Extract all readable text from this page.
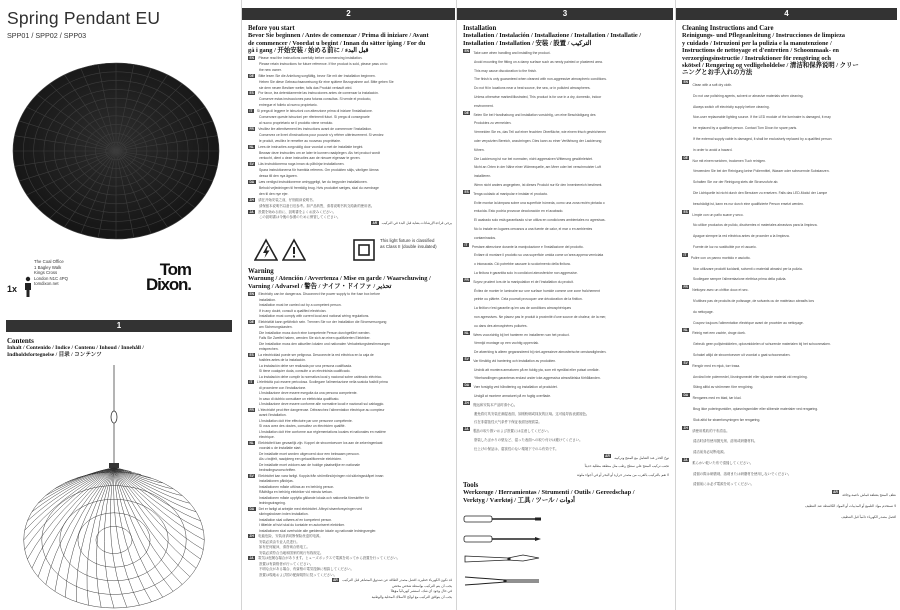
Spring Pendant EU
SPP01 / SPP02 / SPP03
1x
The Coal Office
1 Bagley Walk
Kings Cross
London N1C 4PQ
tomdixon.net
Tom
Dixon.
1
Contents
Inhalt / Contenido / Indice / Contenu / Inhoud / Innehåll /
Indholdsfortegnelse / 目录 / コンテンツ
2
Before you start
Bevor Sie beginnen / Antes de comenzar / Prima di iniziare / Avant
de commencer / Voordat u begint / Innan du sätter igång / For du
gå i gang / 开始安装 / 始める前に / قبل البدء
EN Please read the instructions carefully before commencing installation.
Please retain instructions for future reference. If the product is sold, please pass on to
the new owner.
DE Bitte lesen Sie die Anleitung sorgfältig, bevor Sie mit der Installation beginnen.
Heben Sie diese Gebrauchsanweisung für eine spätere Bezugnahme auf. Bitte geben Sie
sie dem neuen Besitzer weiter, falls das Produkt verkauft wird.
ES Por favor, lea detenidamente las instrucciones antes de comenzar la instalación.
Conserve estas instrucciones para futuras consultas. Si vende el producto,
entregue el folleto al nuevo propietario.
IT Si prega di leggere le istruzioni con attenzione prima di iniziare l'installazione.
Conservare queste istruzioni per riferimenti futuri. Si prega di consegnarle
al nuovo proprietario se il prodotto viene venduto.
FR Veuillez lire attentivement les instructions avant de commencer l'installation.
Conservez ce livret d'instructions pour pouvoir s'y référer ultérieurement. Si vendez
le produit, veuillez le remettre au nouveau propriétaire.
NL Lees de instructies zorgvuldig door voordat u met de installatie begint.
Bewaar deze instructies om ze later te kunnen raadplegen. Als het product wordt
verkocht, dient u deze instructies aan de nieuwe eigenaar te geven.
SV Läs instruktionerna noga innan du påbörjar installationen.
Spara instruktionerna för framtida referens. Om produkten säljs, vänligen lämna
dessa till den nya ägaren.
DA Læs venligst instruktionerne omhyggeligt, før du begynder installationen.
Behold vejledningen til fremtidig brug. Hvis produktet sælges, skal du overdrage
den til den nye ejer.
ZH 请在开始安装之前，仔细阅读说明书。
请保留本说明书以备日后参考。如产品转售，请将说明书转交给新的使用者。
JA 設置を始める前に、説明書をよくお読みください。
この説明書は今後の参照のために保管してください。
AR يرجى قراءة الإرشادات بعناية قبل البدء في التركيب
This light fixture is classified
as Class II (double insulated)
Warning
Warnung / Atención / Avvertenza / Mise en garde / Waarschuwing /
Varning / Advarsel / 警告 / ナイフ・ドイファ / تحذير
EN Electricity can be dangerous. Disconnect the power supply to the fuse box before
installation.
Installation must be carried out by a competent person.
If in any doubt, consult a qualified electrician.
Installation must comply with current local and national wiring regulations.
DE Elektrizität kann gefährlich sein. Trennen Sie vor der Installation die Stromversorgung
am Sicherungskasten.
Die Installation muss durch eine kompetente Person durchgeführt werden.
Falls Sie Zweifel haben, wenden Sie sich an einen qualifizierten Elektriker.
Die Installation muss den aktuellen lokalen und nationalen Verkabelungsbestimmungen
entsprechen.
ES La electricidad puede ser peligrosa. Desconecte la red eléctrica en la caja de
fusibles antes de la instalación.
La instalación debe ser realizada por una persona cualificada.
Si tiene cualquier duda, consulte a un electricista cualificado.
La instalación debe cumplir la normativa local y nacional sobre cableado eléctrico.
IT L'elettricità può essere pericolosa. Scollegare l'alimentazione nella scatola fusibili prima
di procedere con l'installazione.
L'installazione deve essere eseguita da una persona competente.
In caso di dubbio consultare un elettricista qualificato.
L'installazione deve essere conforme alle normative locali e nazionali sul cablaggio.
FR L'électricité peut être dangereuse. Débranchez l'alimentation électrique au compteur
avant l'installation.
L'installation doit être effectuée par une personne compétente.
Si vous avez des doutes, consultez un électricien qualifié.
L'installation doit être conforme aux réglementations locales et nationales en matière
électrique.
NL Elektriciteit kan gevaarlijk zijn. Koppel de stroomtoevoer los aan de zekeringenkast
voordat u de installatie start.
De installatie moet worden uitgevoerd door een bekwaam persoon.
Als u twijfelt, raadpleeg een gekwalificeerde elektricien.
De installatie moet voldoen aan de huidige plaatselijke en nationale
bedradingsvoorschriften.
SV Elektricitet kan vara farligt. Koppla från strömförsörjningen vid säkringsskåpet innan
installationen påbörjas.
Installationen måste utföras av en behörig person.
Rådfråga en behörig elektriker vid minsta tvekan.
Installationen måste uppfylla gällande lokala och nationella föreskrifter för
ledningsdragning.
DA Det er farligt at arbejde med elektricitet. Afbryd strømforsyningen ved
sikringsboksen inden installation.
Installation skal udføres af en kompetent person.
I tilfælde af tvivl skal du kontakte en autoriseret elektriker.
Installationen skal overholde alle gældende lokale og nationale ledningsregler.
ZH 电能危险，安装前请切断保险丝盒的电源。
安装必须由专业人员进行。
如有任何疑问，请咨询合格电工。
安装必须符合当地和国家的现行布线规定。
JA 電気は危険な場合があります。ヒューズボックスで電源を切ってから設置を行ってください。
設置は有資格者が行ってください。
不明な点がある場合、有資格の電気技師に相談してください。
設置は現地および国の配線規則に従ってください。
AR قد تكون الكهرباء خطيرة. افصل مصدر الطاقة عن صندوق المصاهر قبل التركيب
يجب أن يتم التركيب بواسطة شخص مختص
في حال وجود أي شك، استشر كهربائياً مؤهلاً
يجب أن يتوافق التركيب مع لوائح الأسلاك المحلية والوطنية
3
Installation
Installation / Instalación / Installazione / Installation / Installatie /
Installation / Installation / 安装 / 設置 / التركيب
EN Take care when handling and installing the product.
Avoid mounting the fitting on a damp surface such as newly painted or plastered area.
This may cause discoloration to the finish.
The finish is only guaranteed when cleaned with non-aggressive atmospheric conditions.
Do not fit in locations near a heat source, the sea, or in polluted atmospheres.
Unless otherwise marked/illustrated, This product is for use in a dry, domestic, indoor
environment.
DE Seien Sie bei Handhabung und Installation vorsichtig, um eine Beschädigung des
Produktes zu vermeiden.
Vermeiden Sie es, das Teil auf einer feuchten Oberfläche, wie einem frisch gestrichenen
oder verputzten Bereich, anzubringen. Dies kann zu einer Verfärbung der Lackierung
führen.
Die Lackierung ist nur bei normalen, nicht aggressiven Witterung gewährleistet.
Nicht an Orten in der Nähe einer Wärmequelle, am Meer oder bei verschmutzter Luft
installieren.
Wenn nicht anders angegeben, ist dieses Produkt nur für den Innenbereich bestimmt.
ES Tenga cuidado al manipular e instalar el producto.
Evite montar la lámpara sobre una superficie húmeda, como una zona recién pintada o
enlucida. Esto podría provocar decoloración en el acabado.
El acabado solo está garantizado si se utiliza en condiciones ambientales no agresivas.
No lo instale en lugares cercanos a una fuente de calor, el mar o en ambientes
contaminados.
IT Prestare attenzione durante la manipolazione e l'installazione del prodotto.
Evitare di montare il prodotto su una superficie umida come un'area appena verniciata
o intonacata. Ciò potrebbe causare lo scolorimento della finitura.
La finitura è garantita solo in condizioni atmosferiche non aggressive.
FR Soyez prudent lors de la manipulation et de l'installation du produit.
Évitez de monter le luminaire sur une surface humide comme une zone fraîchement
peinte ou plâtrée. Cela pourrait provoquer une décoloration de la finition.
La finition n'est garantie qu'en cas de conditions atmosphériques
non agressives. Ne placez pas le produit à proximité d'une source de chaleur, de la mer,
ou dans des atmosphères polluées.
NL Wees voorzichtig bij het hanteren en installeren van het product.
Vermijd montage op een vochtig oppervlak.
De afwerking is alleen gegarandeerd bij niet-agressieve atmosferische omstandigheden.
SV Var försiktig vid hantering och installation av produkten.
Undvik att montera armaturen på en fuktig yta, som ett nymålat eller putsat område.
Ytbehandlingen garanteras endast under icke-aggressiva atmosfäriska förhållanden.
DA Vær forsigtig ved håndtering og installation af produktet.
Undgå at montere armaturet på en fugtig overflade.
ZH 搬运和安装本产品时请小心。
避免将灯具安装在潮湿表面，如刚粉刷或抹灰的区域。这可能导致表面褪色。
仅在非腐蚀性大气条件下保证表面处理质量。
JA 製品の取り扱いおよび設置には注意してください。
塗装したばかりの壁など、湿った表面への取り付けは避けてください。
仕上げの保証は、腐食性のない環境下でのみ有効です。
AR توخ الحذر عند التعامل مع المنتج وتركيبه
تجنب تركيب المنتج على سطح رطب مثل منطقة مطلية حديثاً
لا تقم بالتركيب بالقرب من مصدر حرارة أو البحر أو في أجواء ملوثة
Tools
Werkzeuge / Herramientas / Strumenti / Outils / Gereedschap /
Verktyg / Værktøj / 工具 / ツール / أدوات
4
Cleaning Instructions and Care
Reinigungs- und Pflegeanleitung / Instrucciones de limpieza
y cuidado / Istruzioni per la pulizia e la manutenzione /
Instructions de nettoyage et d'entretien / Schoonmaak- en
verzorgingsinstructie / Instruktioner för rengöring och
skötsel / Rengøring og vedligeholdelse / 清洁和保养说明 / クリー
ニングとお手入れの方法
ENClean with a soft dry cloth.
Do not use polishing agents, solvent or abrasive materials when cleaning.
Always switch off electricity supply before cleaning.
Non-user replaceable lighting source. If the LED module of the luminaire is damaged, it may
be replaced by a qualified person. Contact Tom Dixon for spare parts.
If the external supply cable is damaged, it shall be exclusively replaced by a qualified person
in order to avoid a hazard.
DENur mit einem weichen, trockenen Tuch reinigen.
Verwenden Sie bei der Reinigung keine Poliermittel, Wasser oder scheuernde Substanzen.
Schalten Sie vor der Reinigung stets die Stromzufuhr ab.
Die Lichtquelle ist nicht durch den Benutzer zu ersetzen. Falls das LED-Modul der Lampe
beschädigt ist, kann es nur durch eine qualifizierte Person ersetzt werden.
ESLimpie con un paño suave y seco.
No utilice productos de pulido, disolventes ni materiales abrasivos para la limpieza.
Apague siempre la red eléctrica antes de proceder a la limpieza.
Fuente de luz no sustituible por el usuario.
ITPulire con un panno morbido e asciutto.
Non utilizzare prodotti lucidanti, solventi o materiali abrasivi per la pulizia.
Scollegare sempre l'alimentazione elettrica prima della pulizia.
FRNettoyez avec un chiffon doux et sec.
N'utilisez pas de produits de polissage, de solvants ou de matériaux abrasifs lors
du nettoyage.
Coupez toujours l'alimentation électrique avant de procéder au nettoyage.
NLReinig met een zachte, droge doek.
Gebruik geen polijstmiddelen, oplosmiddelen of schurende materialen bij het schoonmaken.
Schakel altijd de stroomtoevoer uit voordat u gaat schoonmaken.
SVRengör med en mjuk, torr trasa.
Använd inte polermedel, lösningsmedel eller slipande material vid rengöring.
Stäng alltid av strömmen före rengöring.
DARengøres med en blød, tør klud.
Brug ikke poleringsmidler, opløsningsmidler eller slibende materialer ved rengøring.
Sluk altid for strømforsyningen før rengøring.
ZH请使用柔软的干布清洁。
清洁时请勿使用抛光剂、溶剂或研磨材料。
清洁前务必切断电源。
JA柔らかい乾いた布で清掃してください。
清掃の際は研磨剤、溶剤または研磨材を使用しないでください。
清掃前には必ず電源を切ってください。
ARنظف المنتج بقطعة قماش ناعمة وجافة
لا تستخدم مواد التلميع أو المذيبات أو المواد الكاشطة عند التنظيف
افصل مصدر الكهرباء دائماً قبل التنظيف
